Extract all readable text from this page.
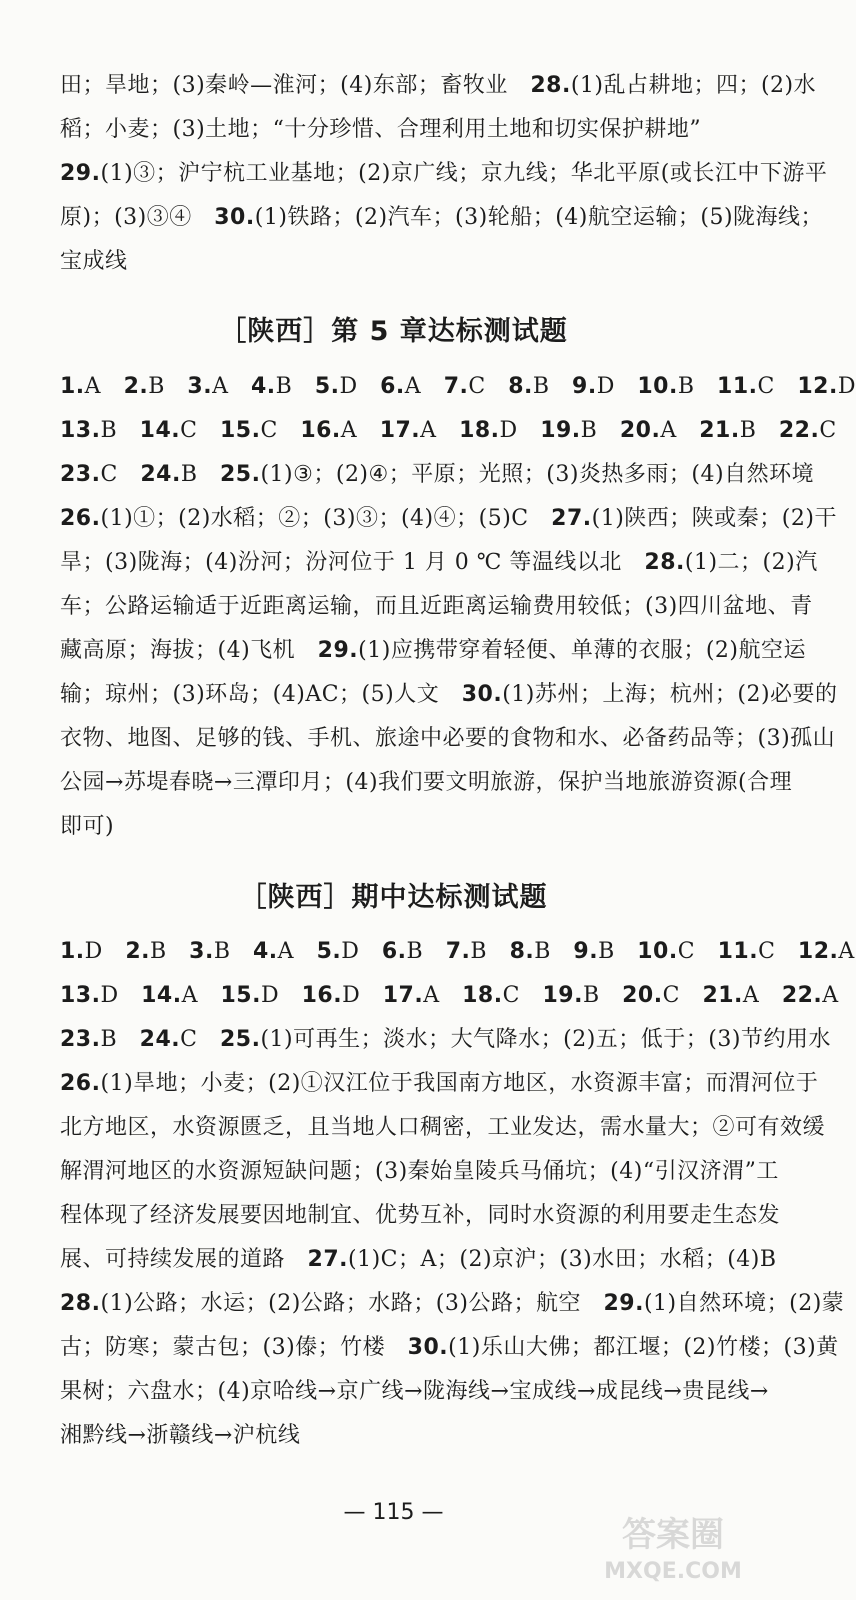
田；旱地；(3)秦岭—淮河；(4)东部；畜牧业　28.(1)乱占耕地；四；(2)水
稻；小麦；(3)土地；“十分珍惜、合理利用土地和切实保护耕地”
29.(1)③；沪宁杭工业基地；(2)京广线；京九线；华北平原(或长江中下游平
原)；(3)③④　30.(1)铁路；(2)汽车；(3)轮船；(4)航空运输；(5)陇海线；
宝成线
［陕西］第 5 章达标测试题
1.A　2.B　3.A　4.B　5.D　6.A　7.C　8.B　9.D　10.B　11.C　12.D
13.B　14.C　15.C　16.A　17.A　18.D　19.B　20.A　21.B　22.C
23.C　24.B　25.(1)③；(2)④；平原；光照；(3)炎热多雨；(4)自然环境
26.(1)①；(2)水稻；②；(3)③；(4)④；(5)C　27.(1)陕西；陕或秦；(2)干
旱；(3)陇海；(4)汾河；汾河位于 1 月 0 ℃ 等温线以北　28.(1)二；(2)汽
车；公路运输适于近距离运输，而且近距离运输费用较低；(3)四川盆地、青
藏高原；海拔；(4)飞机　29.(1)应携带穿着轻便、单薄的衣服；(2)航空运
输；琼州；(3)环岛；(4)AC；(5)人文　30.(1)苏州；上海；杭州；(2)必要的
衣物、地图、足够的钱、手机、旅途中必要的食物和水、必备药品等；(3)孤山
公园→苏堤春晓→三潭印月；(4)我们要文明旅游，保护当地旅游资源(合理
即可)
［陕西］期中达标测试题
1.D　2.B　3.B　4.A　5.D　6.B　7.B　8.B　9.B　10.C　11.C　12.A
13.D　14.A　15.D　16.D　17.A　18.C　19.B　20.C　21.A　22.A
23.B　24.C　25.(1)可再生；淡水；大气降水；(2)五；低于；(3)节约用水
26.(1)旱地；小麦；(2)①汉江位于我国南方地区，水资源丰富；而渭河位于
北方地区，水资源匮乏，且当地人口稠密，工业发达，需水量大；②可有效缓
解渭河地区的水资源短缺问题；(3)秦始皇陵兵马俑坑；(4)“引汉济渭”工
程体现了经济发展要因地制宜、优势互补，同时水资源的利用要走生态发
展、可持续发展的道路　27.(1)C；A；(2)京沪；(3)水田；水稻；(4)B
28.(1)公路；水运；(2)公路；水路；(3)公路；航空　29.(1)自然环境；(2)蒙
古；防寒；蒙古包；(3)傣；竹楼　30.(1)乐山大佛；都江堰；(2)竹楼；(3)黄
果树；六盘水；(4)京哈线→京广线→陇海线→宝成线→成昆线→贵昆线→
湘黔线→浙赣线→沪杭线
— 115 —
答案圈
MXQE.COM
